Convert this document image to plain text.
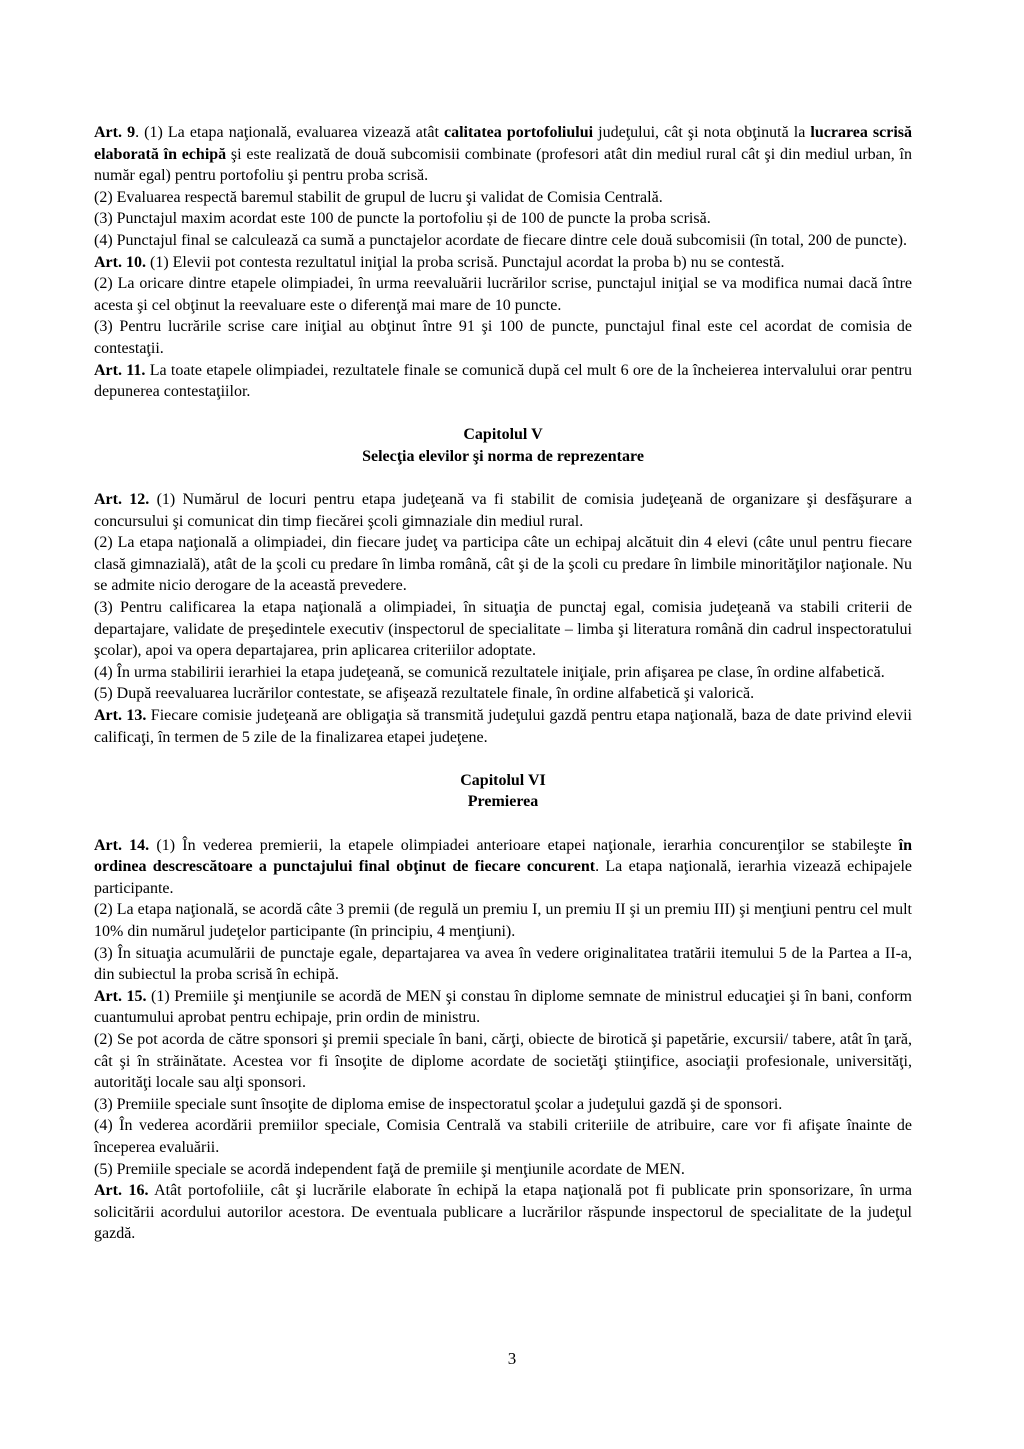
Art. 9. (1) La etapa naţională, evaluarea vizează atât calitatea portofoliului judeţului, cât şi nota obţinută la lucrarea scrisă elaborată în echipă şi este realizată de două subcomisii combinate (profesori atât din mediul rural cât şi din mediul urban, în număr egal) pentru portofoliu şi pentru proba scrisă.

(2) Evaluarea respectă baremul stabilit de grupul de lucru şi validat de Comisia Centrală.

(3) Punctajul maxim acordat este 100 de puncte la portofoliu și de 100 de puncte la proba scrisă.

(4) Punctajul final se calculează ca sumă a punctajelor acordate de fiecare dintre cele două subcomisii (în total, 200 de puncte).

Art. 10. (1) Elevii pot contesta rezultatul iniţial la proba scrisă. Punctajul acordat la proba b) nu se contestă.

(2) La oricare dintre etapele olimpiadei, în urma reevaluării lucrărilor scrise, punctajul iniţial se va modifica numai dacă între acesta şi cel obţinut la reevaluare este o diferenţă mai mare de 10 puncte.

(3) Pentru lucrările scrise care iniţial au obţinut între 91 şi 100 de puncte, punctajul final este cel acordat de comisia de contestaţii.

Art. 11. La toate etapele olimpiadei, rezultatele finale se comunică după cel mult 6 ore de la încheierea intervalului orar pentru depunerea contestaţiilor.

Capitolul V
Selecţia elevilor şi norma de reprezentare

Art. 12. (1) Numărul de locuri pentru etapa judeţeană va fi stabilit de comisia judeţeană de organizare şi desfăşurare a concursului şi comunicat din timp fiecărei şcoli gimnaziale din mediul rural.

(2) La etapa naţională a olimpiadei, din fiecare judeţ va participa câte un echipaj alcătuit din 4 elevi (câte unul pentru fiecare clasă gimnazială), atât de la şcoli cu predare în limba română, cât şi de la şcoli cu predare în limbile minorităţilor naţionale. Nu se admite nicio derogare de la această prevedere.

(3) Pentru calificarea la etapa naţională a olimpiadei, în situaţia de punctaj egal, comisia judeţeană va stabili criterii de departajare, validate de preşedintele executiv (inspectorul de specialitate – limba şi literatura română din cadrul inspectoratului şcolar), apoi va opera departajarea, prin aplicarea criteriilor adoptate.

(4) În urma stabilirii ierarhiei la etapa judeţeană, se comunică rezultatele iniţiale, prin afişarea pe clase, în ordine alfabetică.

(5) După reevaluarea lucrărilor contestate, se afişează rezultatele finale, în ordine alfabetică şi valorică.

Art. 13. Fiecare comisie judeţeană are obligaţia să transmită judeţului gazdă pentru etapa naţională, baza de date privind elevii calificaţi, în termen de 5 zile de la finalizarea etapei judeţene.

Capitolul VI
Premierea

Art. 14. (1) În vederea premierii, la etapele olimpiadei anterioare etapei naţionale, ierarhia concurenţilor se stabileşte în ordinea descrescătoare a punctajului final obţinut de fiecare concurent. La etapa naţională, ierarhia vizează echipajele participante.

(2) La etapa naţională, se acordă câte 3 premii (de regulă un premiu I, un premiu II şi un premiu III) şi menţiuni pentru cel mult 10% din numărul judeţelor participante (în principiu, 4 menţiuni).

(3) În situaţia acumulării de punctaje egale, departajarea va avea în vedere originalitatea tratării itemului 5 de la Partea a II-a, din subiectul la proba scrisă în echipă.

Art. 15. (1) Premiile şi menţiunile se acordă de MEN şi constau în diplome semnate de ministrul educaţiei şi în bani, conform cuantumului aprobat pentru echipaje, prin ordin de ministru.

(2) Se pot acorda de către sponsori şi premii speciale în bani, cărţi, obiecte de birotică şi papetărie, excursii/ tabere, atât în ţară, cât şi în străinătate. Acestea vor fi însoţite de diplome acordate de societăţi ştiinţifice, asociaţii profesionale, universităţi, autorităţi locale sau alţi sponsori.

(3) Premiile speciale sunt însoţite de diploma emise de inspectoratul şcolar a judeţului gazdă şi de sponsori.

(4) În vederea acordării premiilor speciale, Comisia Centrală va stabili criteriile de atribuire, care vor fi afişate înainte de începerea evaluării.

(5) Premiile speciale se acordă independent faţă de premiile şi menţiunile acordate de MEN.

Art. 16. Atât portofoliile, cât şi lucrările elaborate în echipă la etapa naţională pot fi publicate prin sponsorizare, în urma solicitării acordului autorilor acestora. De eventuala publicare a lucrărilor răspunde inspectorul de specialitate de la judeţul gazdă.

3
